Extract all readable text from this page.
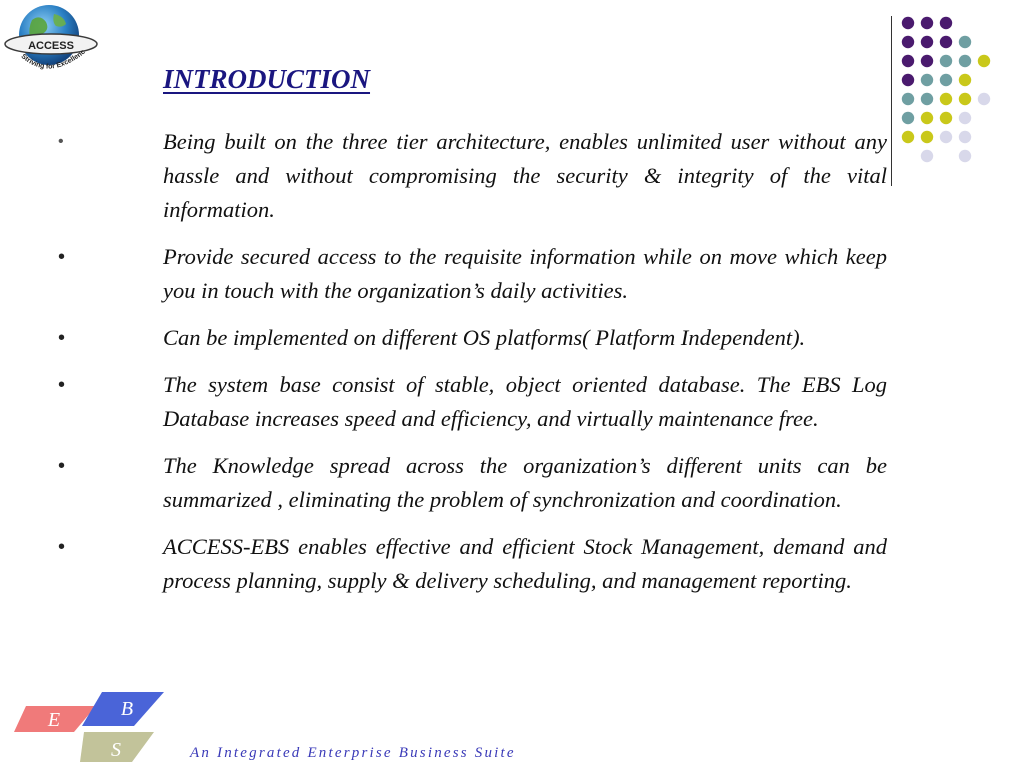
ACCESS
Striving for Excellenc
INTRODUCTION
•	Being built on the three tier architecture, enables unlimited user without any hassle and without compromising the security & integrity of the vital information.
•	Provide secured access to the requisite information while on move which keep you in touch with the organization’s daily activities.
•	Can be implemented on different OS platforms( Platform Independent).
•	The system base consist of stable, object oriented database. The EBS Log Database increases speed and efficiency, and virtually maintenance free.
•	The Knowledge spread across the organization’s different units can be summarized , eliminating the problem of synchronization and coordination.
•	ACCESS-EBS enables effective and efficient Stock Management, demand and process planning, supply & delivery scheduling, and management reporting.
E	B
S	An Integrated Enterprise Business Suite
